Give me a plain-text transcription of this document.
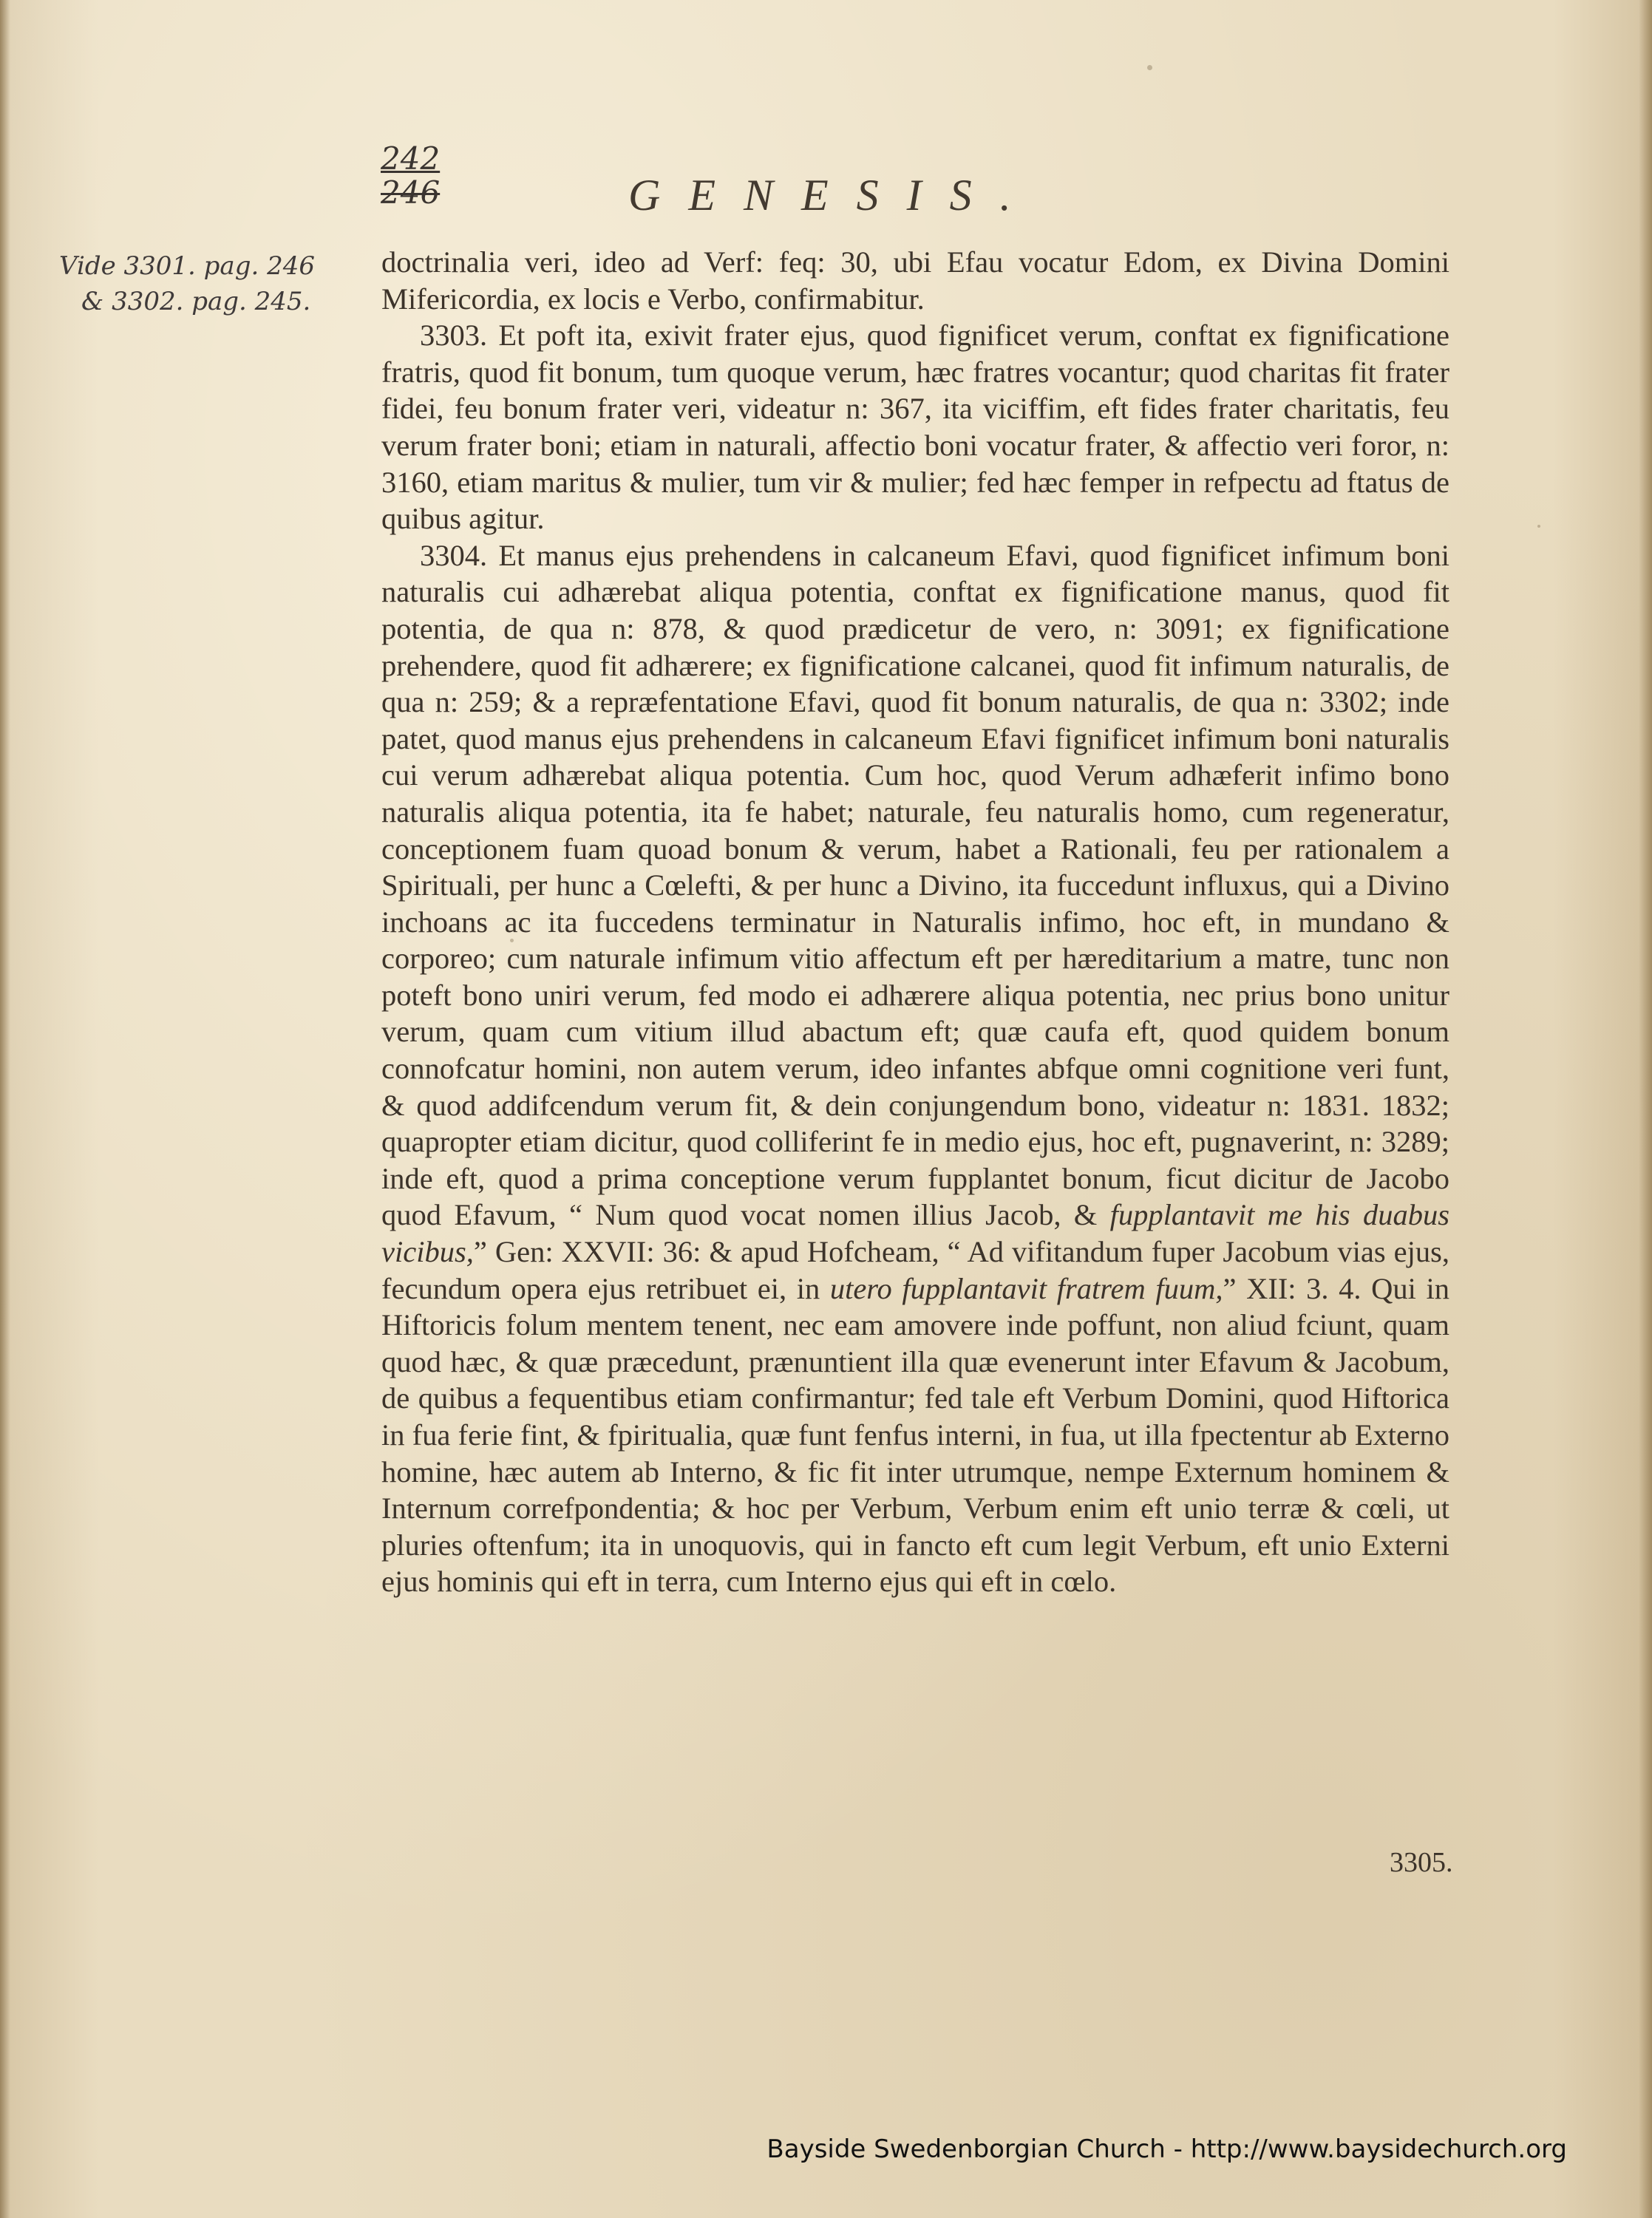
242
246	GENESIS.
Vide 3301. pag. 246
& 3302. pag. 245.

doctrinalia veri, ideo ad Verf: feq: 30, ubi Efau vocatur Edom, ex Divina Domini Mifericordia, ex locis e Verbo, confirmabitur.

3303. Et poft ita, exivit frater ejus, quod fignificet verum, conftat ex fignificatione fratris, quod fit bonum, tum quoque verum, hæc fratres vocantur; quod charitas fit frater fidei, feu bonum frater veri, videatur n: 367, ita viciffim, eft fides frater charitatis, feu verum frater boni; etiam in naturali, affectio boni vocatur frater, & affectio veri foror, n: 3160, etiam maritus & mulier, tum vir & mulier; fed hæc femper in refpectu ad ftatus de quibus agitur.

3304. Et manus ejus prehendens in calcaneum Efavi, quod fignificet infimum boni naturalis cui adhærebat aliqua potentia, conftat ex fignificatione manus, quod fit potentia, de qua n: 878, & quod prædicetur de vero, n: 3091; ex fignificatione prehendere, quod fit adhærere; ex fignificatione calcanei, quod fit infimum naturalis, de qua n: 259; & a repræfentatione Efavi, quod fit bonum naturalis, de qua n: 3302; inde patet, quod manus ejus prehendens in calcaneum Efavi fignificet infimum boni naturalis cui verum adhærebat aliqua potentia. Cum hoc, quod Verum adhæferit infimo bono naturalis aliqua potentia, ita fe habet; naturale, feu naturalis homo, cum regeneratur, conceptionem fuam quoad bonum & verum, habet a Rationali, feu per rationalem a Spirituali, per hunc a Cœlefti, & per hunc a Divino, ita fuccedunt influxus, qui a Divino inchoans ac ita fuccedens terminatur in Naturalis infimo, hoc eft, in mundano & corporeo; cum naturale infimum vitio affectum eft per hæreditarium a matre, tunc non poteft bono uniri verum, fed modo ei adhærere aliqua potentia, nec prius bono unitur verum, quam cum vitium illud abactum eft; quæ caufa eft, quod quidem bonum connofcatur homini, non autem verum, ideo infantes abfque omni cognitione veri funt, & quod addifcendum verum fit, & dein conjungendum bono, videatur n: 1831. 1832; quapropter etiam dicitur, quod colliferint fe in medio ejus, hoc eft, pugnaverint, n: 3289; inde eft, quod a prima conceptione verum fupplantet bonum, ficut dicitur de Jacobo quod Efavum, “ Num quod vocat nomen illius Jacob, & fupplantavit me his duabus vicibus,” Gen: XXVII: 36: & apud Hofcheam, “ Ad vifitandum fuper Jacobum vias ejus, fecundum opera ejus retribuet ei, in utero fupplantavit fratrem fuum,” XII: 3. 4. Qui in Hiftoricis folum mentem tenent, nec eam amovere inde poffunt, non aliud fciunt, quam quod hæc, & quæ præcedunt, prænuntient illa quæ evenerunt inter Efavum & Jacobum, de quibus a fequentibus etiam confirmantur; fed tale eft Verbum Domini, quod Hiftorica in fua ferie fint, & fpiritualia, quæ funt fenfus interni, in fua, ut illa fpectentur ab Externo homine, hæc autem ab Interno, & fic fit inter utrumque, nempe Externum hominem & Internum correfpondentia; & hoc per Verbum, Verbum enim eft unio terræ & cœli, ut pluries oftenfum; ita in unoquovis, qui in fancto eft cum legit Verbum, eft unio Externi ejus hominis qui eft in terra, cum Interno ejus qui eft in cœlo.

3305.
Bayside Swedenborgian Church - http://www.baysidechurch.org
